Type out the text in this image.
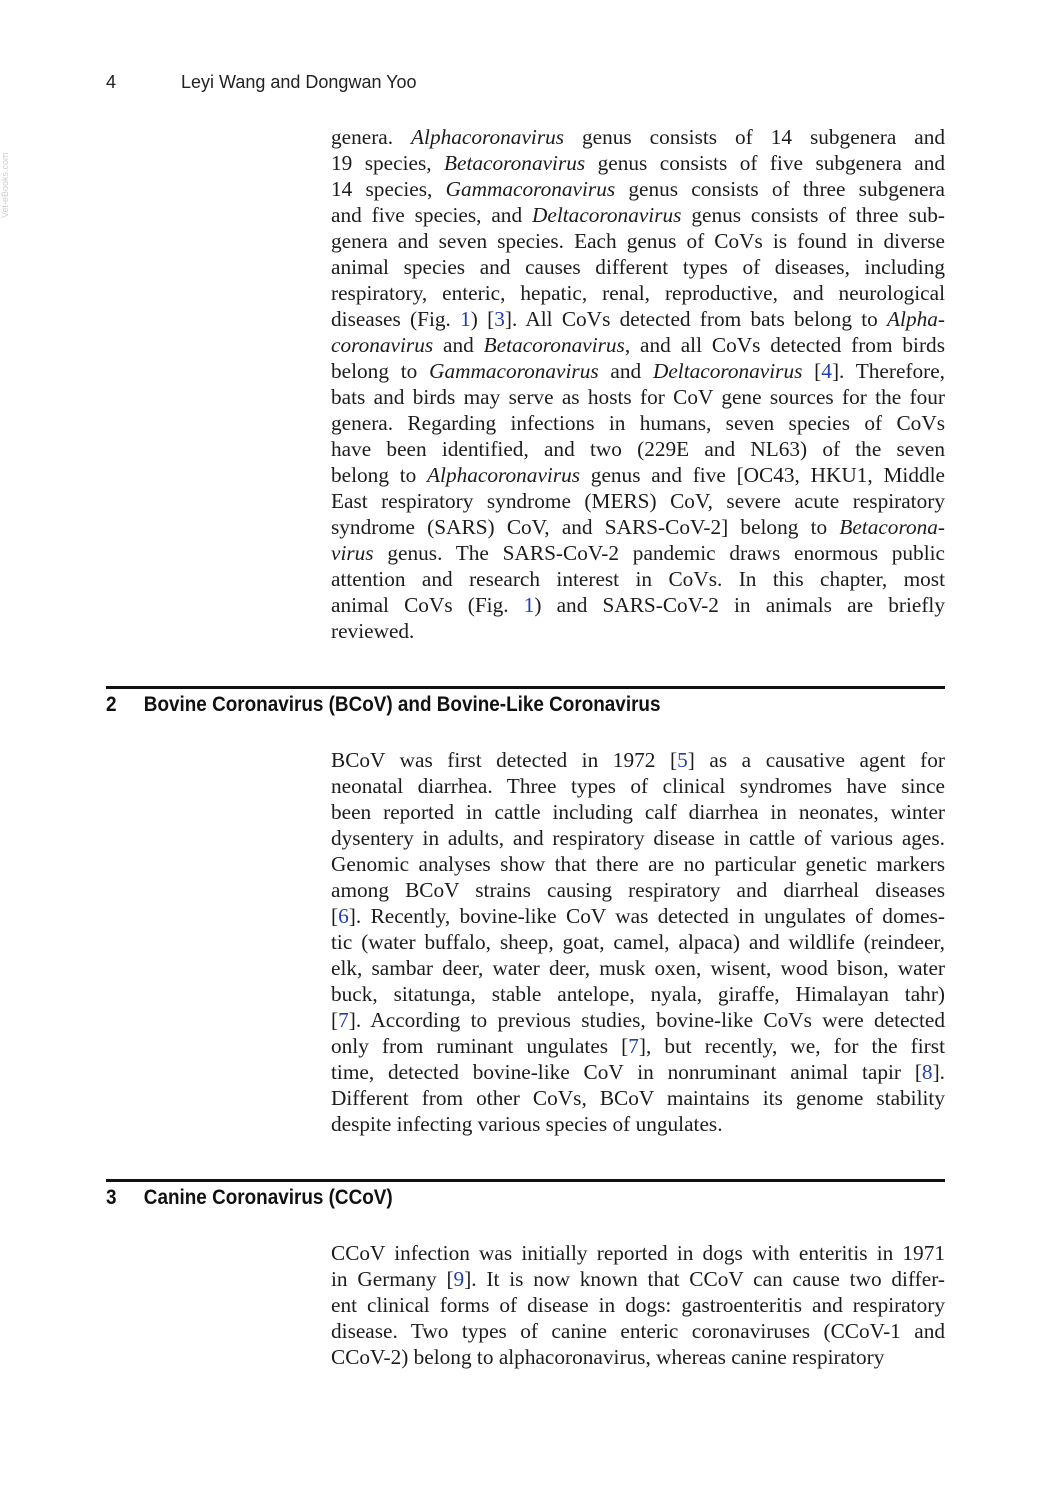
4	Leyi Wang and Dongwan Yoo
Vet-eBooks.com
genera. Alphacoronavirus genus consists of 14 subgenera and
19 species, Betacoronavirus genus consists of five subgenera and
14 species, Gammacoronavirus genus consists of three subgenera
and five species, and Deltacoronavirus genus consists of three sub-
genera and seven species. Each genus of CoVs is found in diverse
animal species and causes different types of diseases, including
respiratory, enteric, hepatic, renal, reproductive, and neurological
diseases (Fig. 1) [3]. All CoVs detected from bats belong to Alpha-
coronavirus and Betacoronavirus, and all CoVs detected from birds
belong to Gammacoronavirus and Deltacoronavirus [4]. Therefore,
bats and birds may serve as hosts for CoV gene sources for the four
genera. Regarding infections in humans, seven species of CoVs
have been identified, and two (229E and NL63) of the seven
belong to Alphacoronavirus genus and five [OC43, HKU1, Middle
East respiratory syndrome (MERS) CoV, severe acute respiratory
syndrome (SARS) CoV, and SARS-CoV-2] belong to Betacorona-
virus genus. The SARS-CoV-2 pandemic draws enormous public
attention and research interest in CoVs. In this chapter, most
animal CoVs (Fig. 1) and SARS-CoV-2 in animals are briefly
reviewed.
2	Bovine Coronavirus (BCoV) and Bovine-Like Coronavirus
BCoV was first detected in 1972 [5] as a causative agent for
neonatal diarrhea. Three types of clinical syndromes have since
been reported in cattle including calf diarrhea in neonates, winter
dysentery in adults, and respiratory disease in cattle of various ages.
Genomic analyses show that there are no particular genetic markers
among BCoV strains causing respiratory and diarrheal diseases
[6]. Recently, bovine-like CoV was detected in ungulates of domes-
tic (water buffalo, sheep, goat, camel, alpaca) and wildlife (reindeer,
elk, sambar deer, water deer, musk oxen, wisent, wood bison, water
buck, sitatunga, stable antelope, nyala, giraffe, Himalayan tahr)
[7]. According to previous studies, bovine-like CoVs were detected
only from ruminant ungulates [7], but recently, we, for the first
time, detected bovine-like CoV in nonruminant animal tapir [8].
Different from other CoVs, BCoV maintains its genome stability
despite infecting various species of ungulates.
3	Canine Coronavirus (CCoV)
CCoV infection was initially reported in dogs with enteritis in 1971
in Germany [9]. It is now known that CCoV can cause two differ-
ent clinical forms of disease in dogs: gastroenteritis and respiratory
disease. Two types of canine enteric coronaviruses (CCoV-1 and
CCoV-2) belong to alphacoronavirus, whereas canine respiratory
